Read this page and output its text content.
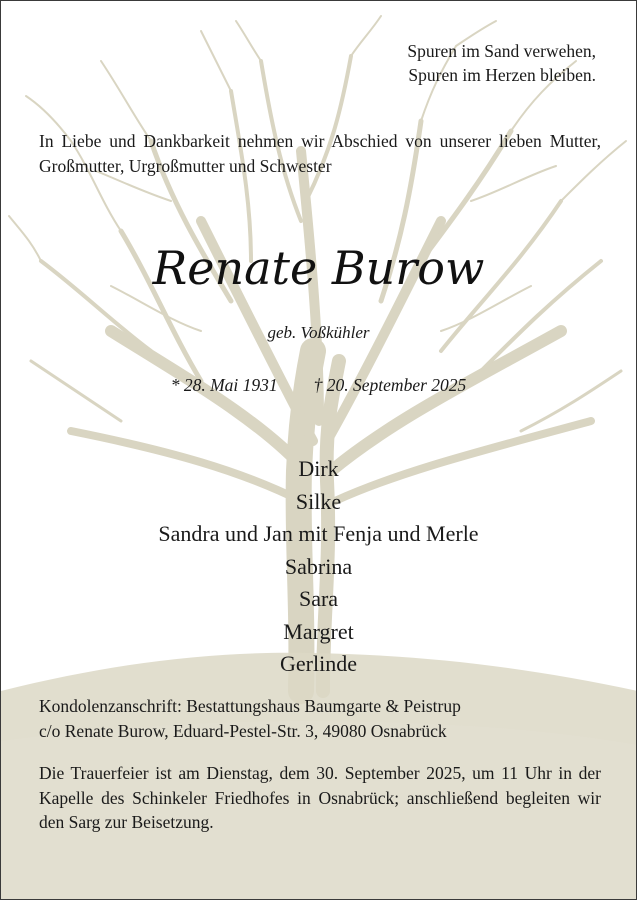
Spuren im Sand verwehen,
Spuren im Herzen bleiben.
In Liebe und Dankbarkeit nehmen wir Abschied von unserer lieben Mutter, Großmutter, Urgroßmutter und Schwester
Renate Burow
geb. Voßkühler
* 28. Mai 1931 † 20. September 2025
Dirk
Silke
Sandra und Jan mit Fenja und Merle
Sabrina
Sara
Margret
Gerlinde
Kondolenzanschrift: Bestattungshaus Baumgarte & Peistrup
c/o Renate Burow, Eduard-Pestel-Str. 3, 49080 Osnabrück
Die Trauerfeier ist am Dienstag, dem 30. September 2025, um 11 Uhr in der Kapelle des Schinkeler Friedhofes in Osnabrück; anschließend begleiten wir den Sarg zur Beisetzung.
